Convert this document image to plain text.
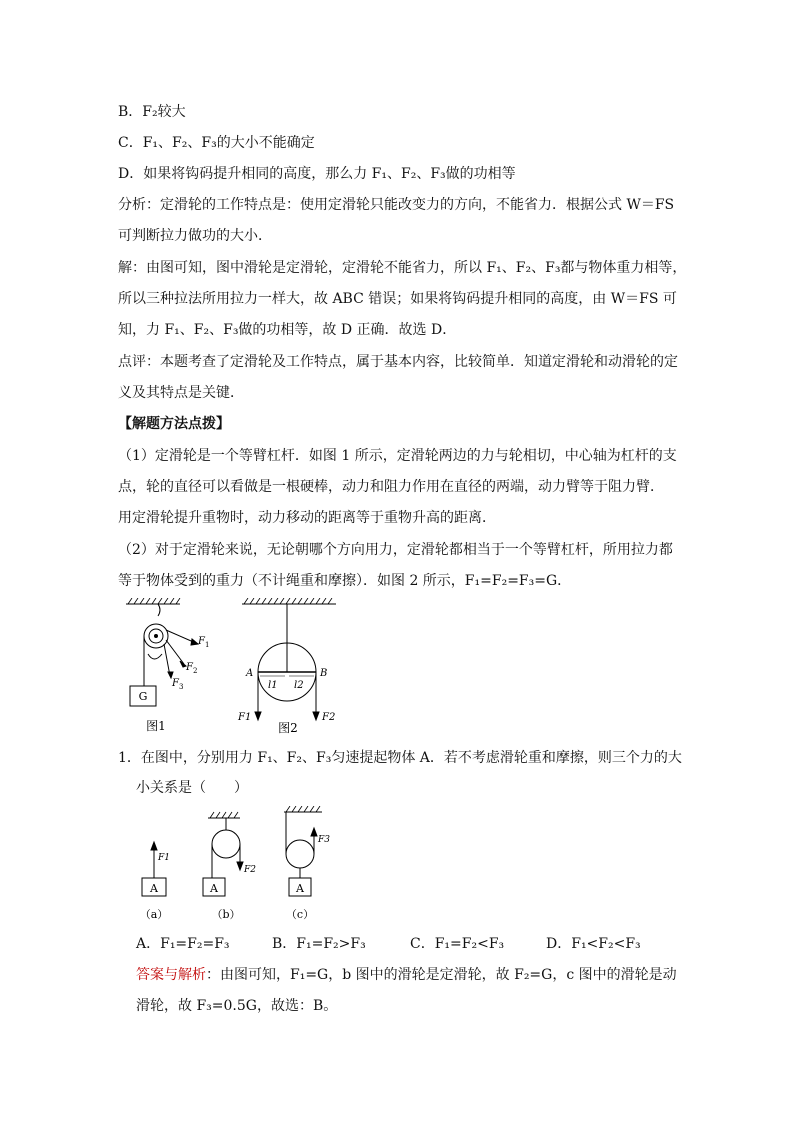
B．F₂较大
C．F₁、F₂、F₃的大小不能确定
D．如果将钩码提升相同的高度，那么力 F₁、F₂、F₃做的功相等
分析：定滑轮的工作特点是：使用定滑轮只能改变力的方向，不能省力．根据公式 W＝FS
可判断拉力做功的大小．
解：由图可知，图中滑轮是定滑轮，定滑轮不能省力，所以 F₁、F₂、F₃都与物体重力相等，
所以三种拉法所用拉力一样大，故 ABC 错误；如果将钩码提升相同的高度，由 W＝FS 可
知，力 F₁、F₂、F₃做的功相等，故 D 正确．故选 D．
点评：本题考查了定滑轮及工作特点，属于基本内容，比较简单．知道定滑轮和动滑轮的定
义及其特点是关键．
【解题方法点拨】
（1）定滑轮是一个等臂杠杆．如图 1 所示，定滑轮两边的力与轮相切，中心轴为杠杆的支
点，轮的直径可以看做是一根硬棒，动力和阻力作用在直径的两端，动力臂等于阻力臂．
用定滑轮提升重物时，动力移动的距离等于重物升高的距离．
（2）对于定滑轮来说，无论朝哪个方向用力，定滑轮都相当于一个等臂杠杆，所用拉力都
等于物体受到的重力（不计绳重和摩擦）．如图 2 所示，F₁=F₂=F₃=G．
G
F 1
F 2
F 3
图1
A	B
l1 l2
F1	F2
图2
1．在图中，分别用力 F₁、F₂、F₃匀速提起物体 A．若不考虑滑轮重和摩擦，则三个力的大
小关系是（　　）
A	A	A
F1
F2
F3
（a）	（b）	（c）
A．F₁=F₂=F₃	B．F₁=F₂>F₃	C．F₁=F₂<F₃	D．F₁<F₂<F₃
答案与解析：由图可知，F₁=G，b 图中的滑轮是定滑轮，故 F₂=G，c 图中的滑轮是动
滑轮，故 F₃=0.5G，故选：B。
